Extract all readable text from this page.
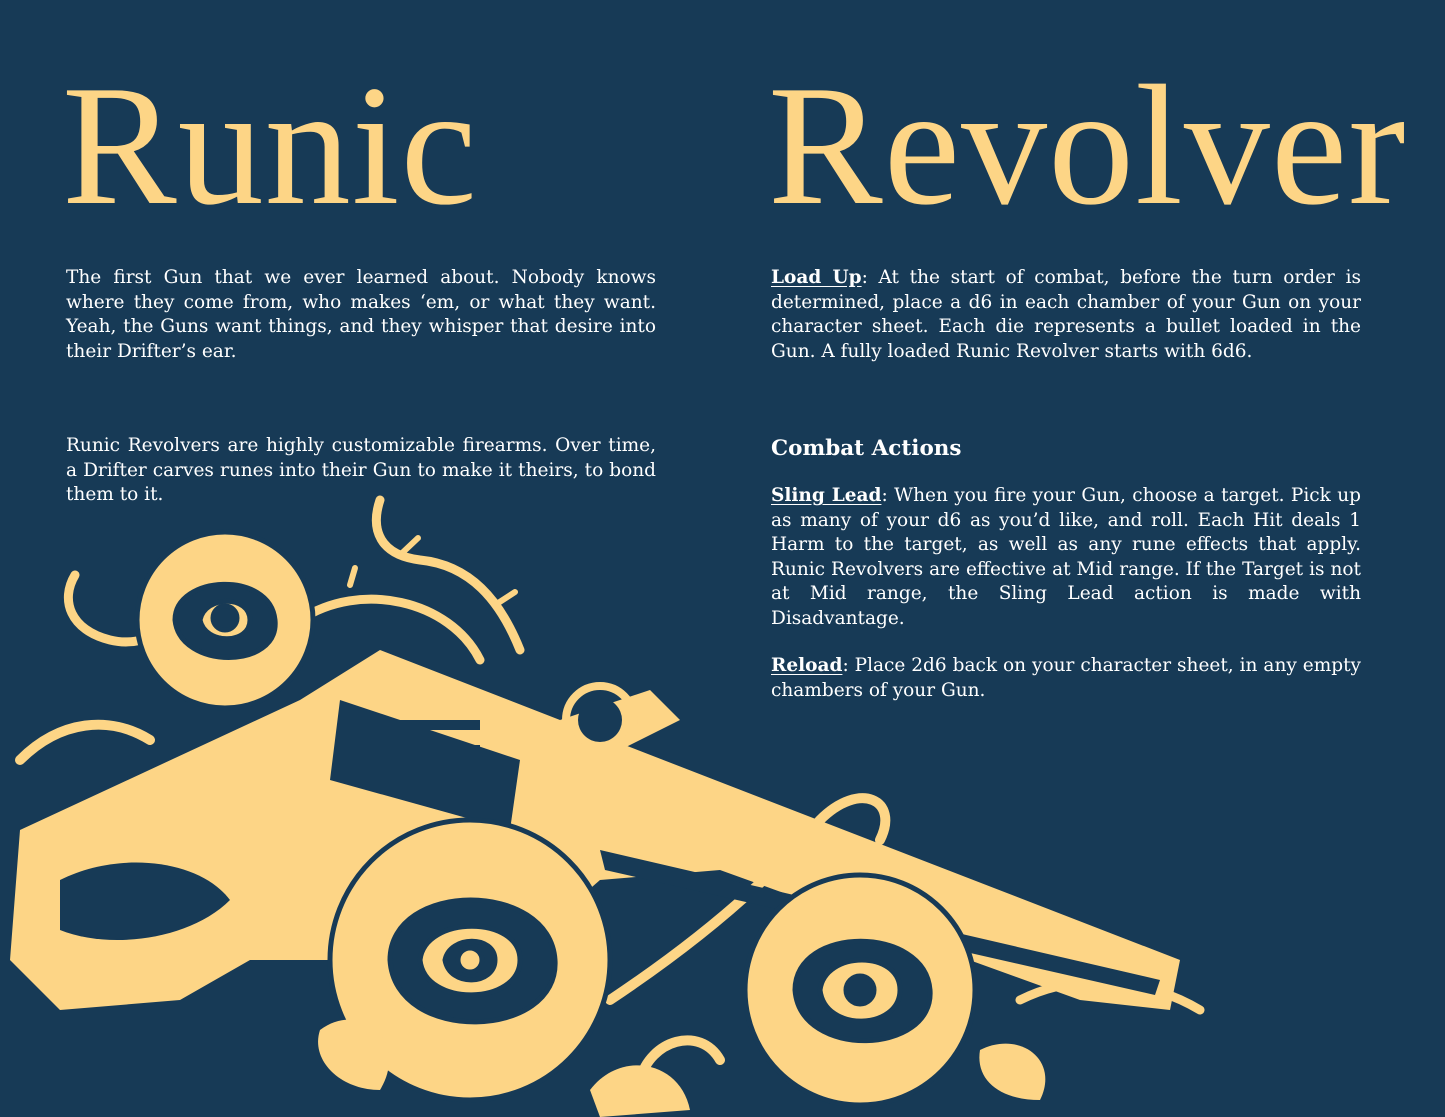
Runic Revolver

The first Gun that we ever learned about. Nobody knows where they come from, who makes ‘em, or what they want. Yeah, the Guns want things, and they whisper that desire into their Drifter’s ear.

Runic Revolvers are highly customizable firearms. Over time, a Drifter carves runes into their Gun to make it theirs, to bond them to it.

Load Up: At the start of combat, before the turn order is determined, place a d6 in each chamber of your Gun on your character sheet. Each die represents a bullet loaded in the Gun. A fully loaded Runic Revolver starts with 6d6.

Combat Actions

Sling Lead: When you fire your Gun, choose a target. Pick up as many of your d6 as you’d like, and roll. Each Hit deals 1 Harm to the target, as well as any rune effects that apply. Runic Revolvers are effective at Mid range. If the Target is not at Mid range, the Sling Lead action is made with Disadvantage.

Reload: Place 2d6 back on your character sheet, in any empty chambers of your Gun.
